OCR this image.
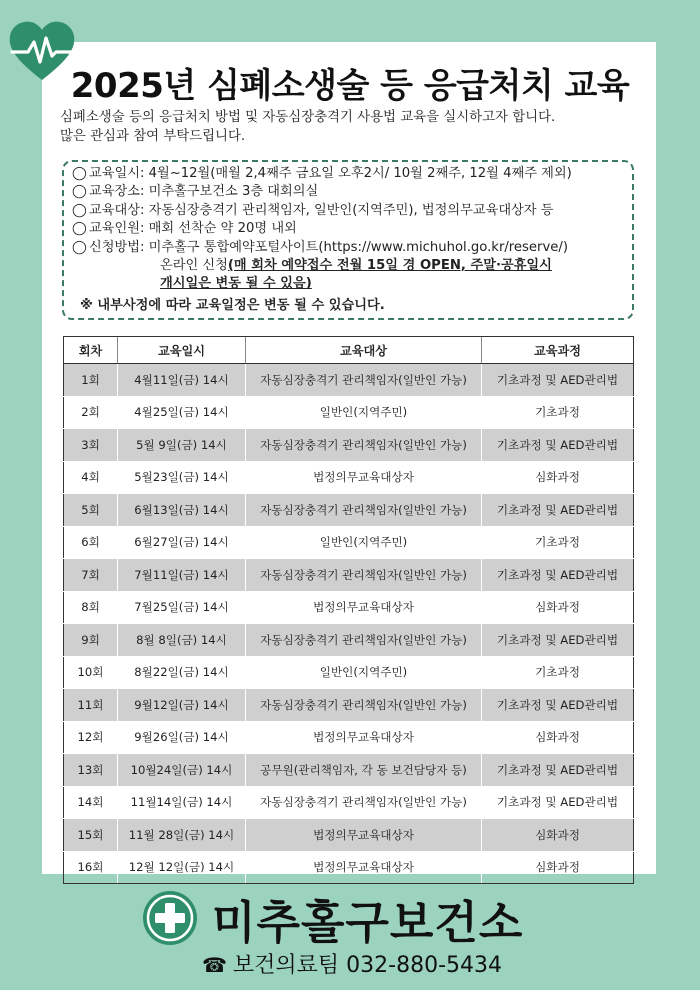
2025년 심폐소생술 등 응급처치 교육
심폐소생술 등의 응급처치 방법 및 자동심장충격기 사용법 교육을 실시하고자 합니다.
많은 관심과 참여 부탁드립니다.
◯ 교육일시: 4월~12월(매월 2,4째주 금요일 오후2시/ 10월 2째주, 12월 4째주 제외)
◯ 교육장소: 미추홀구보건소 3층 대회의실
◯ 교육대상: 자동심장충격기 관리책임자, 일반인(지역주민), 법정의무교육대상자 등
◯ 교육인원: 매회 선착순 약 20명 내외
◯ 신청방법: 미추홀구 통합예약포털사이트(https://www.michuhol.go.kr/reserve/)
온라인 신청(매 회차 예약접수 전월 15일 경 OPEN, 주말·공휴일시
개시일은 변동 될 수 있음)
※ 내부사정에 따라 교육일정은 변동 될 수 있습니다.
회차	교육일시	교육대상	교육과정
1회	4월11일(금) 14시	자동심장충격기 관리책임자(일반인 가능)	기초과정 및 AED관리법
2회	4월25일(금) 14시	일반인(지역주민)	기초과정
3회	5월 9일(금) 14시	자동심장충격기 관리책임자(일반인 가능)	기초과정 및 AED관리법
4회	5월23일(금) 14시	법정의무교육대상자	심화과정
5회	6월13일(금) 14시	자동심장충격기 관리책임자(일반인 가능)	기초과정 및 AED관리법
6회	6월27일(금) 14시	일반인(지역주민)	기초과정
7회	7월11일(금) 14시	자동심장충격기 관리책임자(일반인 가능)	기초과정 및 AED관리법
8회	7월25일(금) 14시	법정의무교육대상자	심화과정
9회	8월 8일(금) 14시	자동심장충격기 관리책임자(일반인 가능)	기초과정 및 AED관리법
10회	8월22일(금) 14시	일반인(지역주민)	기초과정
11회	9월12일(금) 14시	자동심장충격기 관리책임자(일반인 가능)	기초과정 및 AED관리법
12회	9월26일(금) 14시	법정의무교육대상자	심화과정
13회	10월24일(금) 14시	공무원(관리책임자, 각 동 보건담당자 등)	기초과정 및 AED관리법
14회	11월14일(금) 14시	자동심장충격기 관리책임자(일반인 가능)	기초과정 및 AED관리법
15회	11월 28일(금) 14시	법정의무교육대상자	심화과정
16회	12월 12일(금) 14시	법정의무교육대상자	심화과정
미추홀구보건소
☎ 보건의료팀 032-880-5434
